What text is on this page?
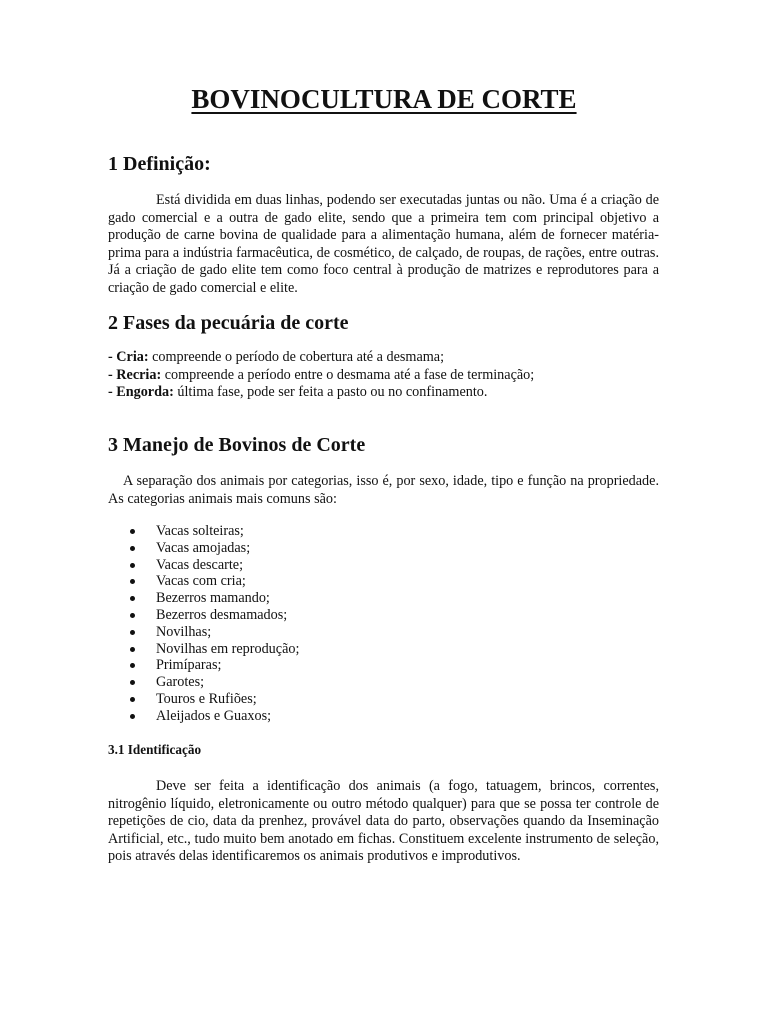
BOVINOCULTURA DE CORTE
1 Definição:

Está dividida em duas linhas, podendo ser executadas juntas ou não. Uma é a criação de gado comercial e a outra de gado elite, sendo que a primeira tem com principal objetivo a produção de carne bovina de qualidade para a alimentação humana, além de fornecer matéria-prima para a indústria farmacêutica, de cosmético, de calçado, de roupas, de rações, entre outras. Já a criação de gado elite tem como foco central à produção de matrizes e reprodutores para a criação de gado comercial e elite.

2 Fases da pecuária de corte
- Cria: compreende o período de cobertura até a desmama;
- Recria: compreende a período entre o desmama até a fase de terminação;
- Engorda: última fase, pode ser feita a pasto ou no confinamento.
3 Manejo de Bovinos de Corte

A separação dos animais por categorias, isso é, por sexo, idade, tipo e função na propriedade. As categorias animais mais comuns são:

Vacas solteiras;
Vacas amojadas;
Vacas descarte;
Vacas com cria;
Bezerros mamando;
Bezerros desmamados;
Novilhas;
Novilhas em reprodução;
Primíparas;
Garotes;
Touros e Rufiões;
Aleijados e Guaxos;
3.1 Identificação

Deve ser feita a identificação dos animais (a fogo, tatuagem, brincos, correntes, nitrogênio líquido, eletronicamente ou outro método qualquer) para que se possa ter controle de repetições de cio, data da prenhez, provável data do parto, observações quando da Inseminação Artificial, etc., tudo muito bem anotado em fichas. Constituem excelente instrumento de seleção, pois através delas identificaremos os animais produtivos e improdutivos.
